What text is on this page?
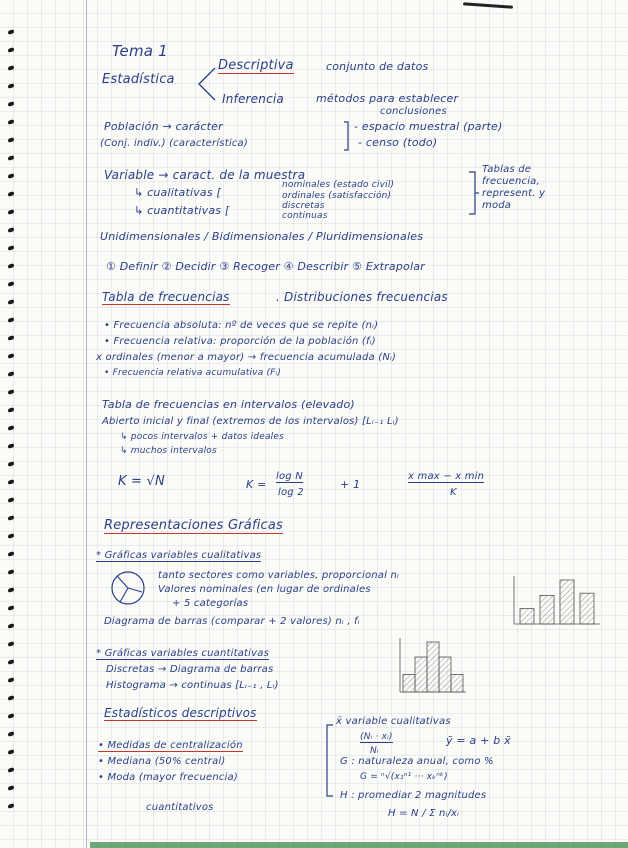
Tema 1
Estadística
Descriptiva	conjunto de datos
Inferencia	métodos para establecer
conclusiones
Población → carácter
(Conj. indiv.) (característica)
- espacio muestral (parte)
- censo (todo)
Variable → caract. de la muestra
↳ cualitativas [
nominales (estado civil)
ordinales (satisfacción)
↳ cuantitativas [	discretas
continuas
Tablas de frecuencia, represent. y moda
Unidimensionales / Bidimensionales / Pluridimensionales
① Definir ② Decidir ③ Recoger ④ Describir ⑤ Extrapolar
Tabla de frecuencias	. Distribuciones frecuencias
• Frecuencia absoluta: nº de veces que se repite (nᵢ)
• Frecuencia relativa: proporción de la población (fᵢ)
x ordinales (menor a mayor) → frecuencia acumulada (Nᵢ)
• Frecuencia relativa acumulativa (Fᵢ)
Tabla de frecuencias en intervalos (elevado)
Abierto inicial y final (extremos de los intervalos) [Lᵢ₋₁ Lᵢ)
↳ pocos intervalos + datos ideales
↳ muchos intervalos
K = √N	K =
log N
log 2
+ 1
x max − x min
K
Representaciones Gráficas
* Gráficas variables cualitativas
tanto sectores como variables, proporcional nᵢ
Valores nominales (en lugar de ordinales
+ 5 categorías
Diagrama de barras (comparar + 2 valores) nᵢ , fᵢ
* Gráficas variables cuantitativas
Discretas → Diagrama de barras
Histograma → continuas [Lᵢ₋₁ , Lᵢ)
Estadísticos descriptivos
• Medidas de centralización
• Mediana (50% central)
• Moda (mayor frecuencia)
cuantitativos
x̄ variable cualitativas
(Nᵢ · xᵢ)
Nᵢ
ȳ = a + b x̄
G : naturaleza anual, como %
G = ⁿ√(x₁ⁿ¹ ··· xₖⁿᵏ)
H : promediar 2 magnitudes
H = N / Σ nᵢ/xᵢ
